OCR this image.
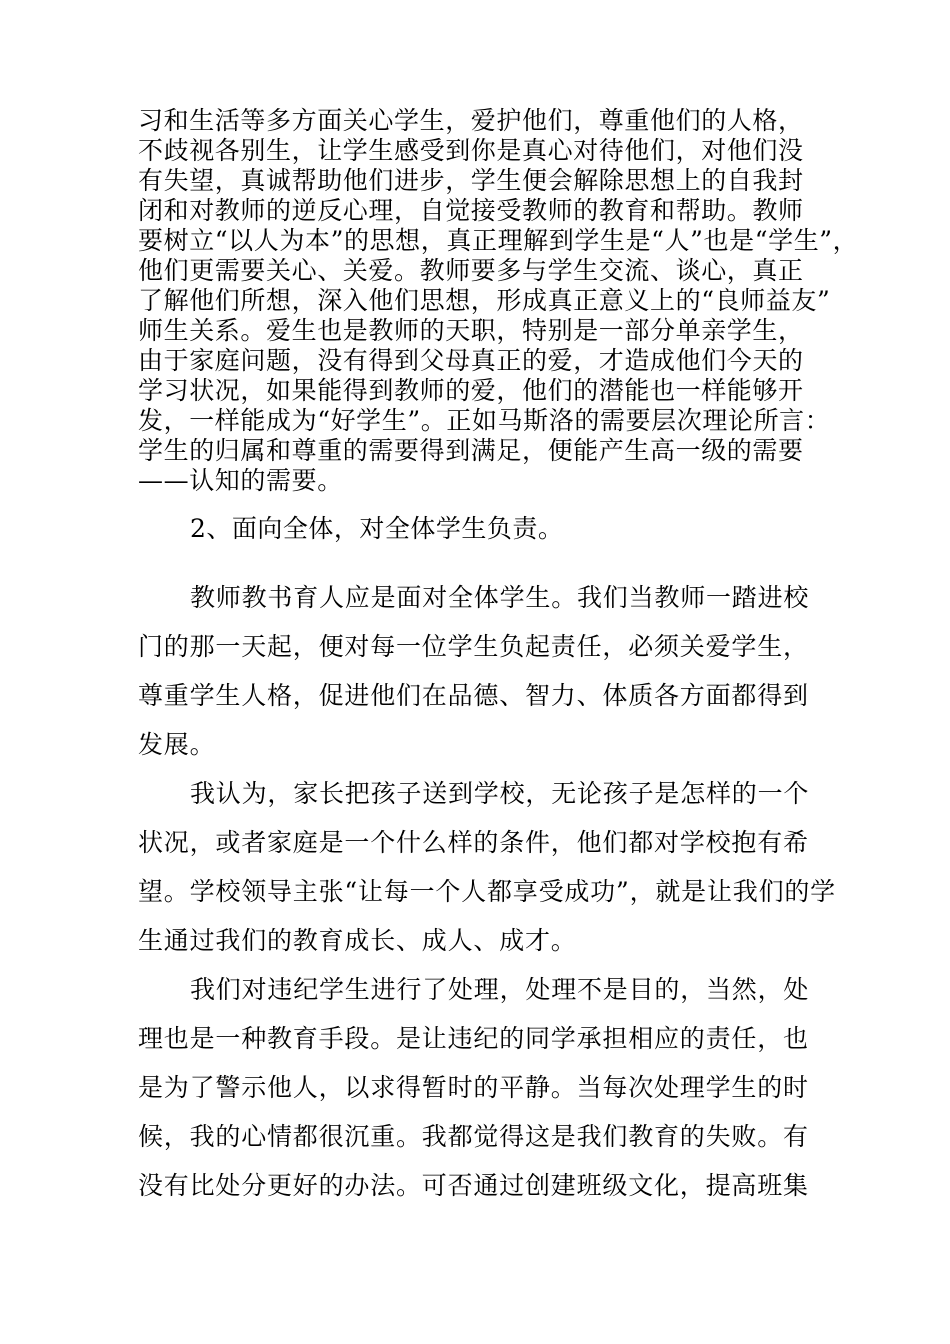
习和生活等多方面关心学生，爱护他们，尊重他们的人格，
不歧视各别生，让学生感受到你是真心对待他们，对他们没
有失望，真诚帮助他们进步，学生便会解除思想上的自我封
闭和对教师的逆反心理，自觉接受教师的教育和帮助。教师
要树立“以人为本”的思想，真正理解到学生是“人”也是“学生”，
他们更需要关心、关爱。教师要多与学生交流、谈心，真正
了解他们所想，深入他们思想，形成真正意义上的“良师益友”
师生关系。爱生也是教师的天职，特别是一部分单亲学生，
由于家庭问题，没有得到父母真正的爱，才造成他们今天的
学习状况，如果能得到教师的爱，他们的潜能也一样能够开
发，一样能成为“好学生”。正如马斯洛的需要层次理论所言：
学生的归属和尊重的需要得到满足，便能产生高一级的需要
——认知的需要。
2、面向全体，对全体学生负责。
教师教书育人应是面对全体学生。我们当教师一踏进校
门的那一天起，便对每一位学生负起责任，必须关爱学生，
尊重学生人格，促进他们在品德、智力、体质各方面都得到
发展。
我认为，家长把孩子送到学校，无论孩子是怎样的一个
状况，或者家庭是一个什么样的条件，他们都对学校抱有希
望。学校领导主张“让每一个人都享受成功”，就是让我们的学
生通过我们的教育成长、成人、成才。
我们对违纪学生进行了处理，处理不是目的，当然，处
理也是一种教育手段。是让违纪的同学承担相应的责任，也
是为了警示他人，以求得暂时的平静。当每次处理学生的时
候，我的心情都很沉重。我都觉得这是我们教育的失败。有
没有比处分更好的办法。可否通过创建班级文化，提高班集
